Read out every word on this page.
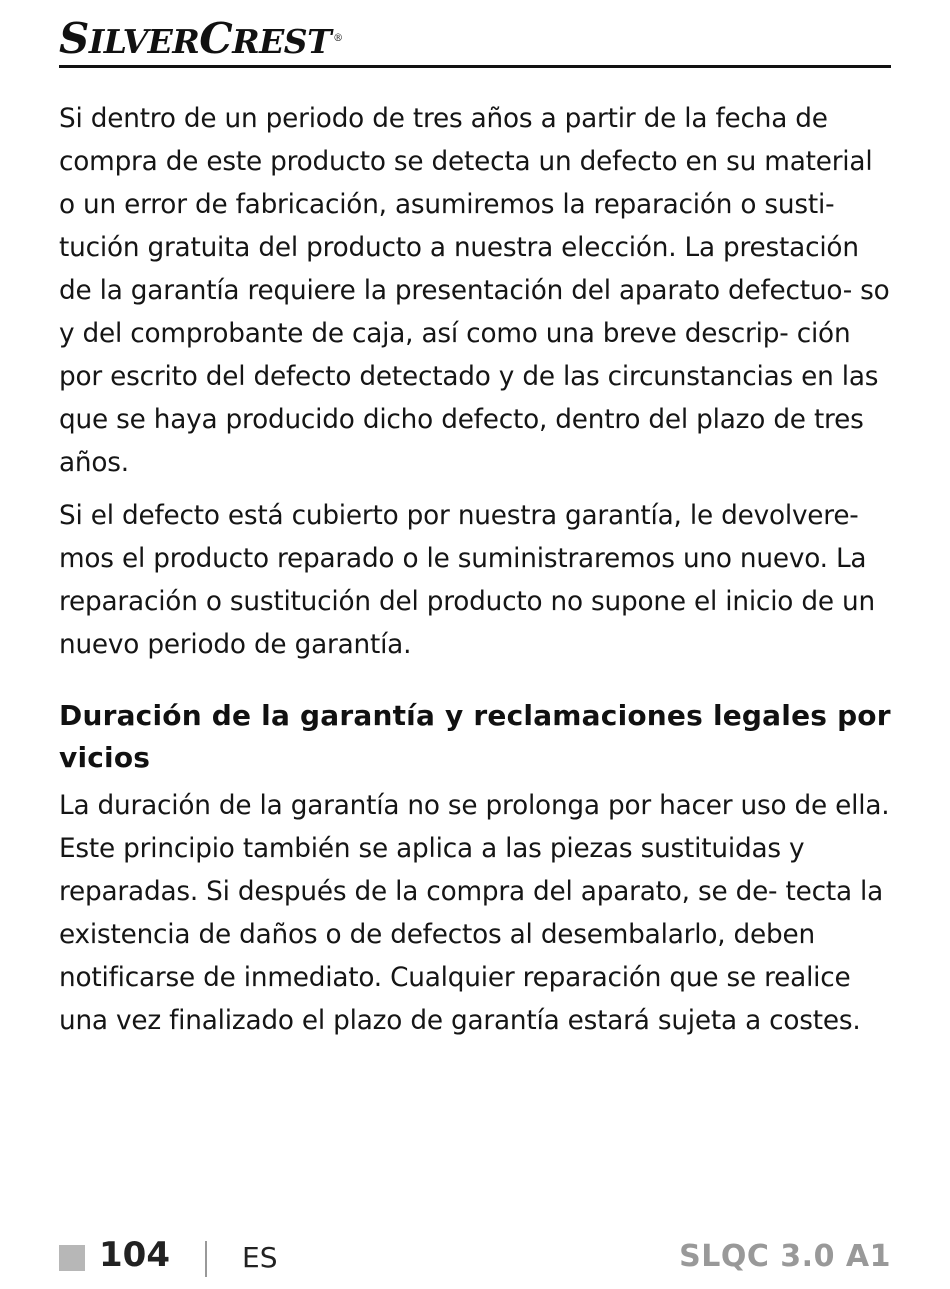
SILVERCREST ®

Si dentro de un periodo de tres años a partir de la fecha de compra de este producto se detecta un defecto en su material o un error de fabricación, asumiremos la reparación o susti- tución gratuita del producto a nuestra elección. La prestación de la garantía requiere la presentación del aparato defectuo- so y del comprobante de caja, así como una breve descrip- ción por escrito del defecto detectado y de las circunstancias en las que se haya producido dicho defecto, dentro del plazo de tres años.

Si el defecto está cubierto por nuestra garantía, le devolvere- mos el producto reparado o le suministraremos uno nuevo. La reparación o sustitución del producto no supone el inicio de un nuevo periodo de garantía.

Duración de la garantía y reclamaciones legales por vicios

La duración de la garantía no se prolonga por hacer uso de ella. Este principio también se aplica a las piezas sustituidas y reparadas. Si después de la compra del aparato, se de- tecta la existencia de daños o de defectos al desembalarlo, deben notificarse de inmediato. Cualquier reparación que se realice una vez finalizado el plazo de garantía estará sujeta a costes.

104	ES	SLQC 3.0 A1
